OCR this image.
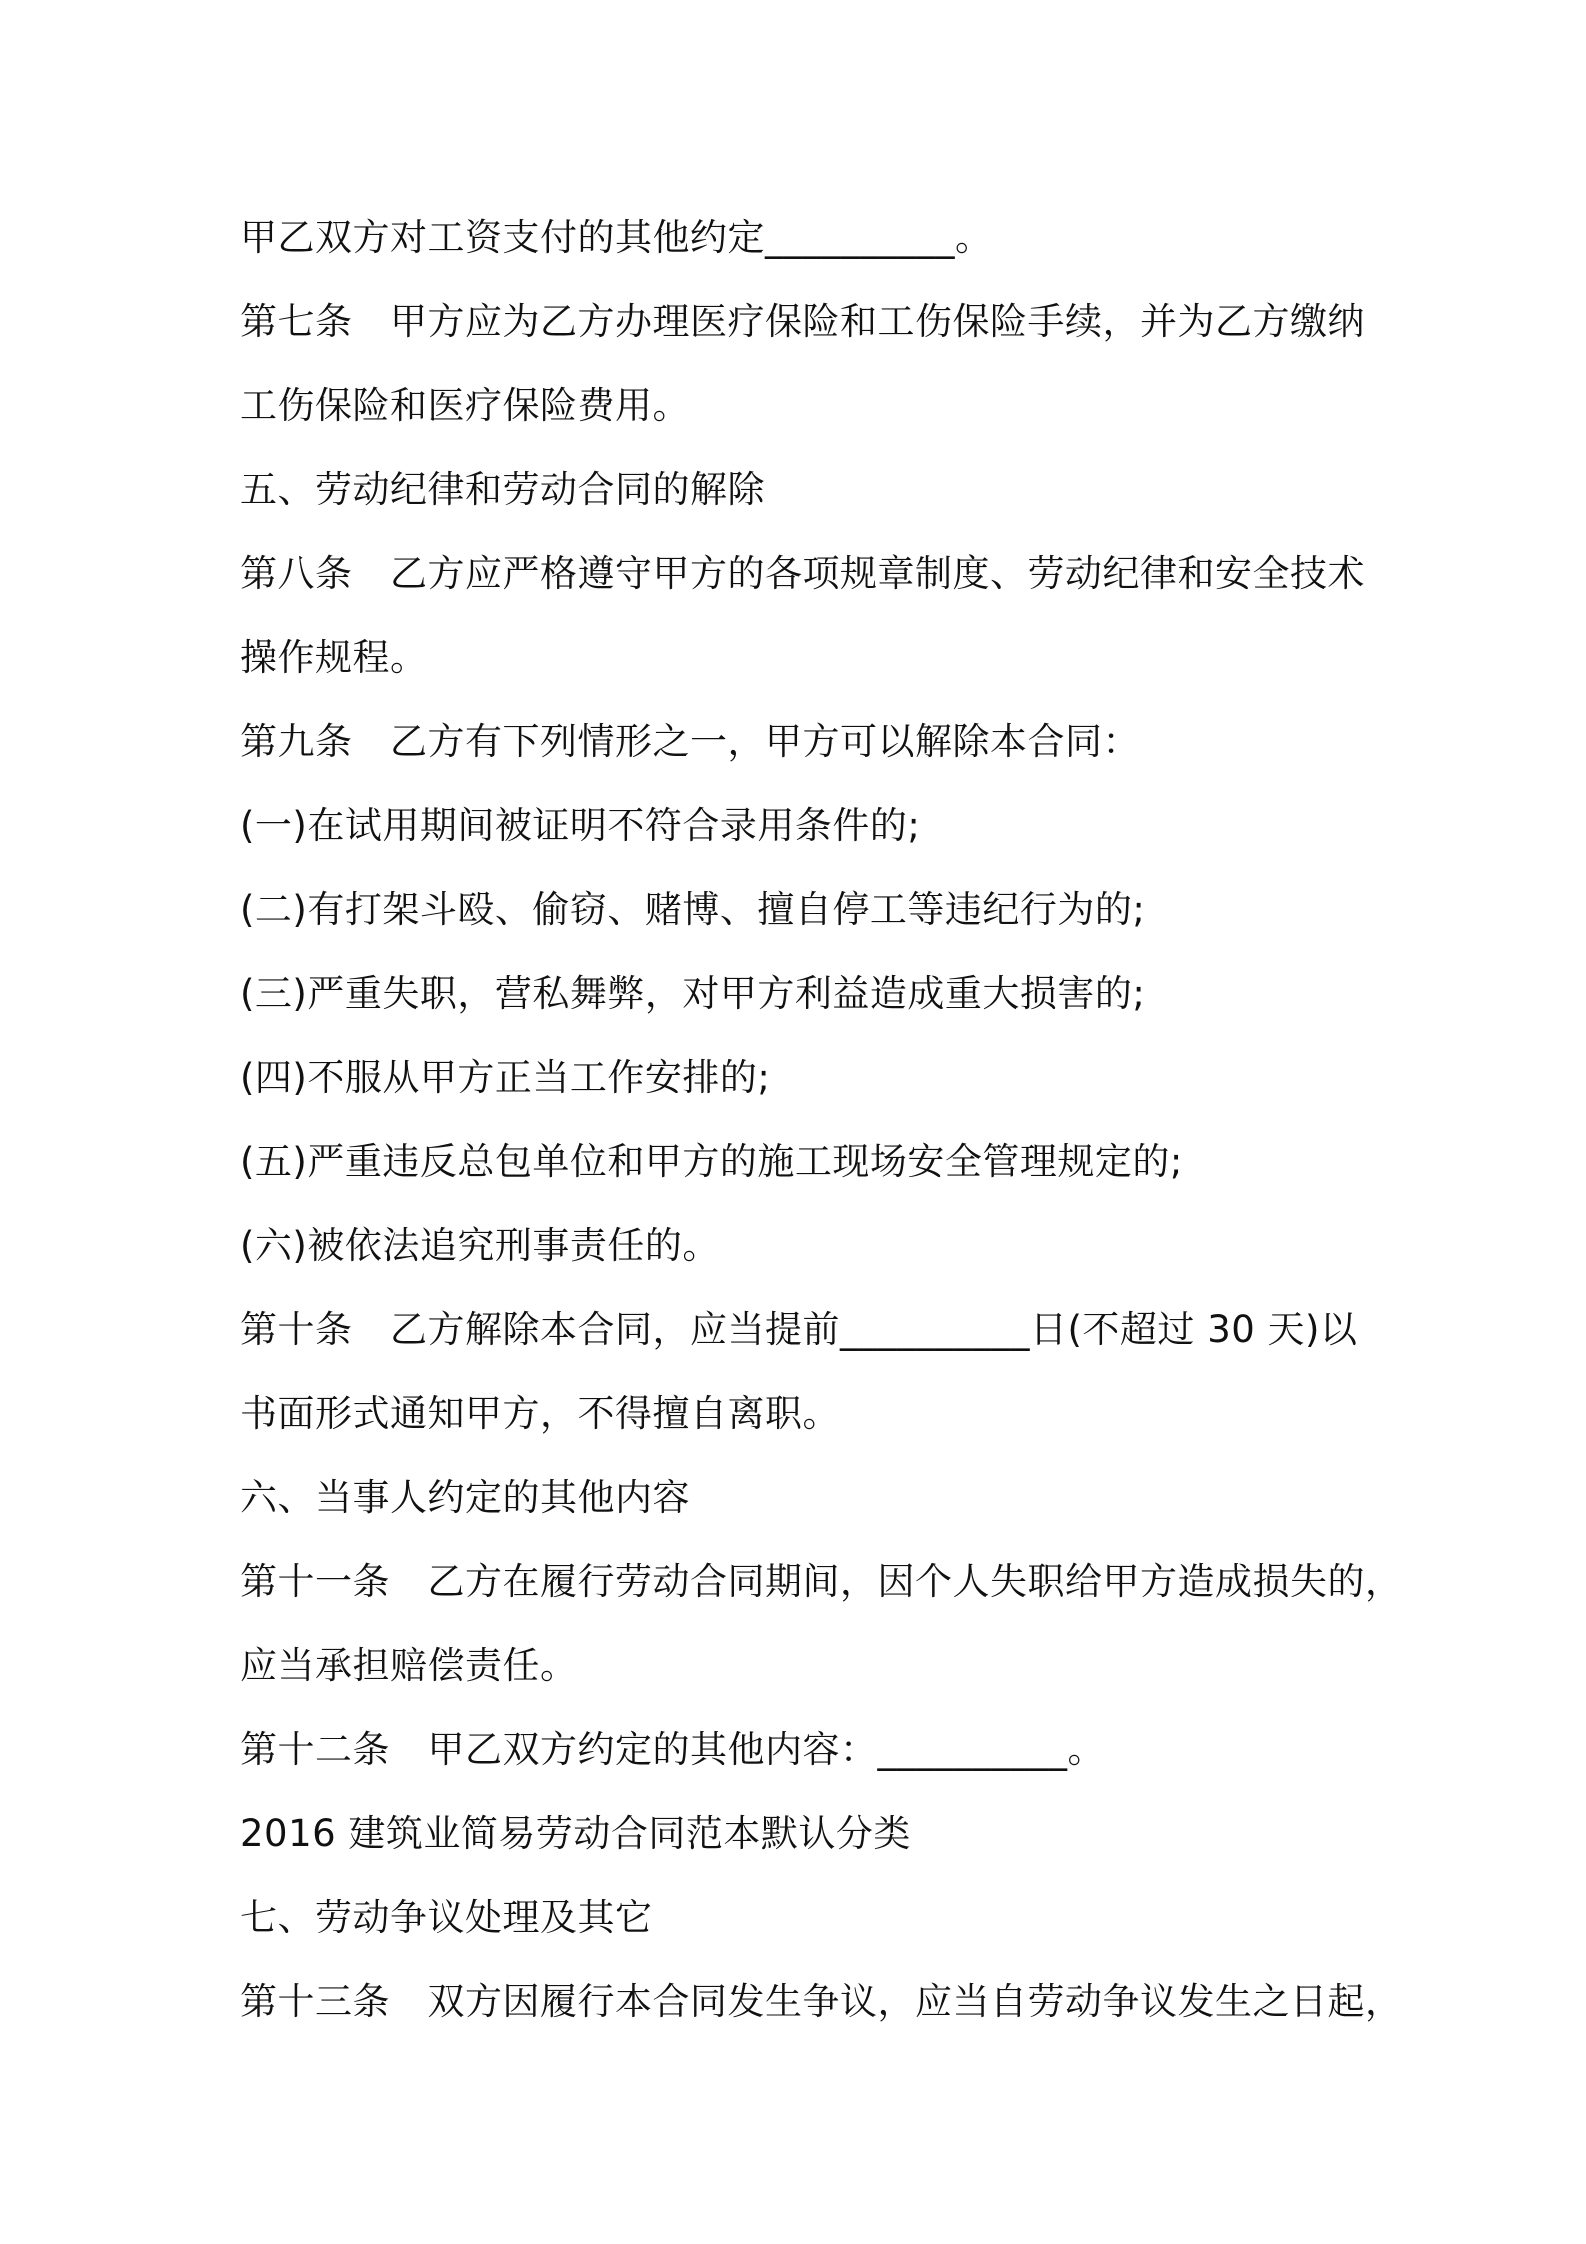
甲乙双方对工资支付的其他约定__________。
第七条　甲方应为乙方办理医疗保险和工伤保险手续，并为乙方缴纳
工伤保险和医疗保险费用。
五、劳动纪律和劳动合同的解除
第八条　乙方应严格遵守甲方的各项规章制度、劳动纪律和安全技术
操作规程。
第九条　乙方有下列情形之一，甲方可以解除本合同：
(一)在试用期间被证明不符合录用条件的;
(二)有打架斗殴、偷窃、赌博、擅自停工等违纪行为的;
(三)严重失职，营私舞弊，对甲方利益造成重大损害的;
(四)不服从甲方正当工作安排的;
(五)严重违反总包单位和甲方的施工现场安全管理规定的;
(六)被依法追究刑事责任的。
第十条　乙方解除本合同，应当提前__________日(不超过 30 天)以
书面形式通知甲方，不得擅自离职。
六、当事人约定的其他内容
第十一条　乙方在履行劳动合同期间，因个人失职给甲方造成损失的，
应当承担赔偿责任。
第十二条　甲乙双方约定的其他内容：__________。
2016 建筑业简易劳动合同范本默认分类
七、劳动争议处理及其它
第十三条　双方因履行本合同发生争议，应当自劳动争议发生之日起，
